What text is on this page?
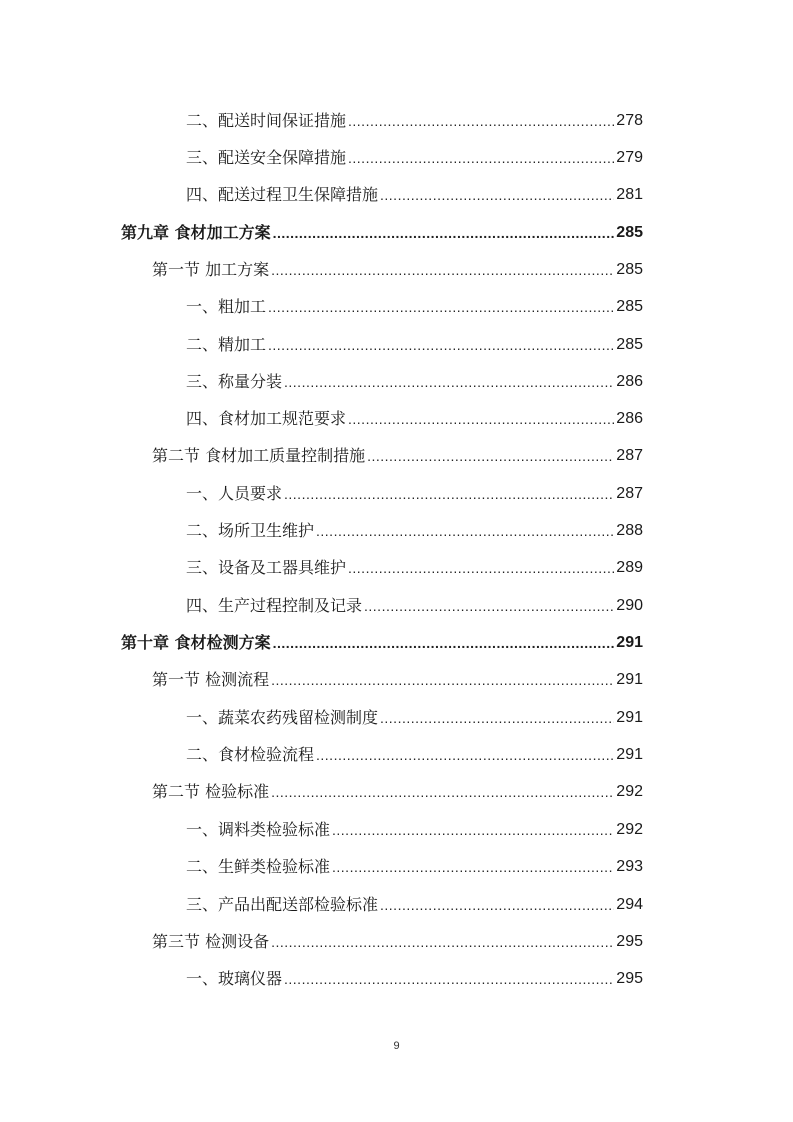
二、配送时间保证措施 .....	278
三、配送安全保障措施 .....	279
四、配送过程卫生保障措施 .....	281
第九章 食材加工方案 .....	285
第一节 加工方案 .....	285
一、粗加工 .....	285
二、精加工 .....	285
三、称量分装 .....	286
四、食材加工规范要求 .....	286
第二节 食材加工质量控制措施 .....	287
一、人员要求 .....	287
二、场所卫生维护 .....	288
三、设备及工器具维护 .....	289
四、生产过程控制及记录 .....	290
第十章 食材检测方案 .....	291
第一节 检测流程 .....	291
一、蔬菜农药残留检测制度 .....	291
二、食材检验流程 .....	291
第二节 检验标准 .....	292
一、调料类检验标准 .....	292
二、生鲜类检验标准 .....	293
三、产品出配送部检验标准 .....	294
第三节 检测设备 .....	295
一、玻璃仪器 .....	295
9
